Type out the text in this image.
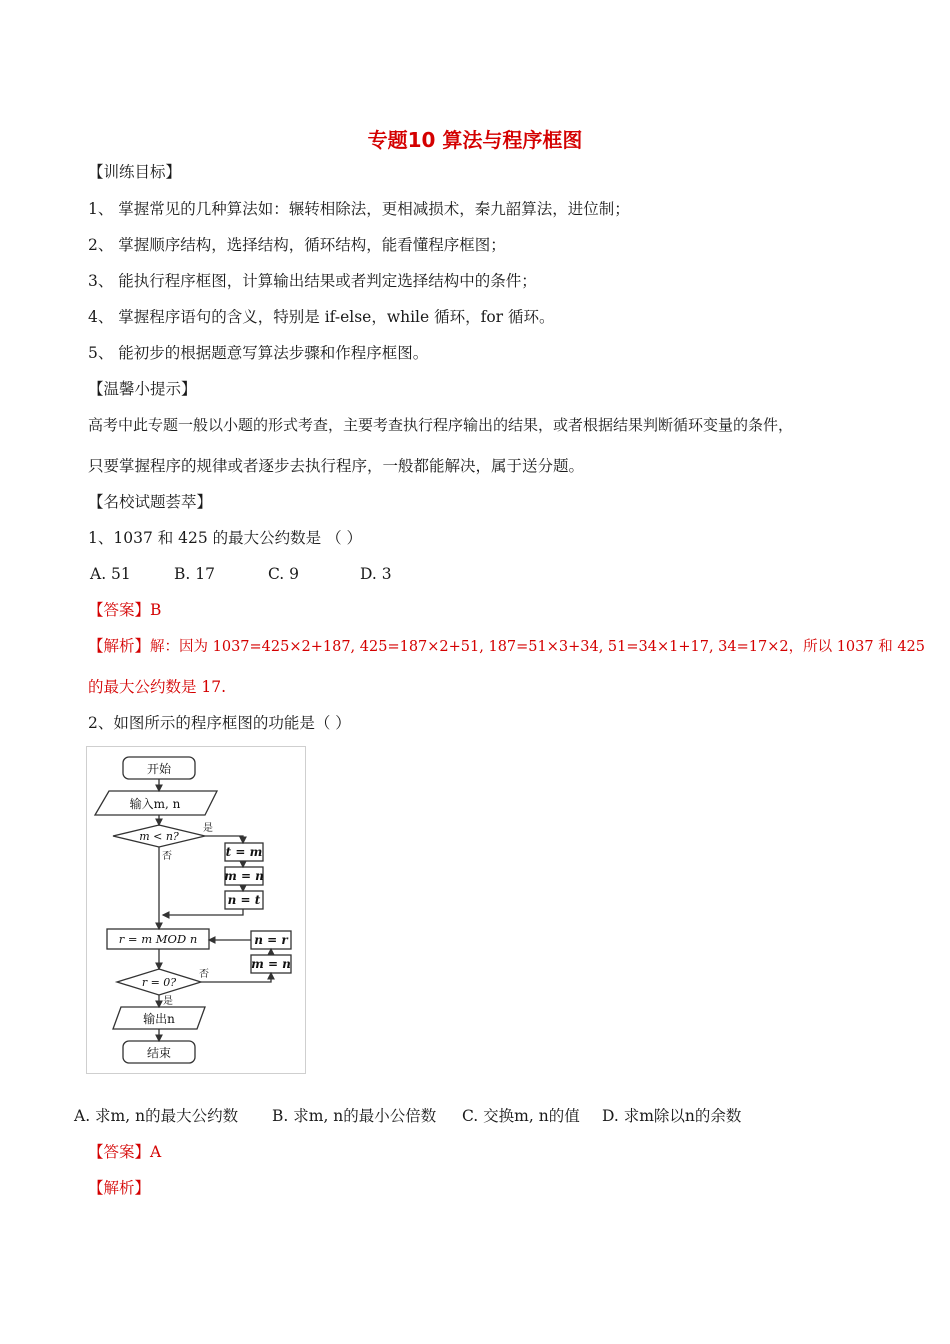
专题10 算法与程序框图
【训练目标】
1、 掌握常见的几种算法如：辗转相除法，更相减损术，秦九韶算法，进位制；
2、 掌握顺序结构，选择结构，循环结构，能看懂程序框图；
3、 能执行程序框图，计算输出结果或者判定选择结构中的条件；
4、 掌握程序语句的含义，特别是 if-else，while 循环，for 循环。
5、 能初步的根据题意写算法步骤和作程序框图。
【温馨小提示】
高考中此专题一般以小题的形式考查，主要考查执行程序输出的结果，或者根据结果判断循环变量的条件，
只要掌握程序的规律或者逐步去执行程序，一般都能解决，属于送分题。
【名校试题荟萃】
1、1037 和 425 的最大公约数是 （ ）
A. 51	B. 17	C. 9	D. 3
【答案】B
【解析】解：因为 1037=425×2+187, 425=187×2+51, 187=51×3+34, 51=34×1+17, 34=17×2，所以 1037 和 425
的最大公约数是 17.
2、如图所示的程序框图的功能是（ ）
开始
输入m, n
m < n?
是
否	t = m
m = n
n = t
r = m MOD n	n = r
m = n
r = 0?
否
是
输出n
结束
A. 求m, n的最大公约数 B. 求m, n的最小公倍数 C. 交换m, n的值 D. 求m除以n的余数
【答案】A
【解析】
